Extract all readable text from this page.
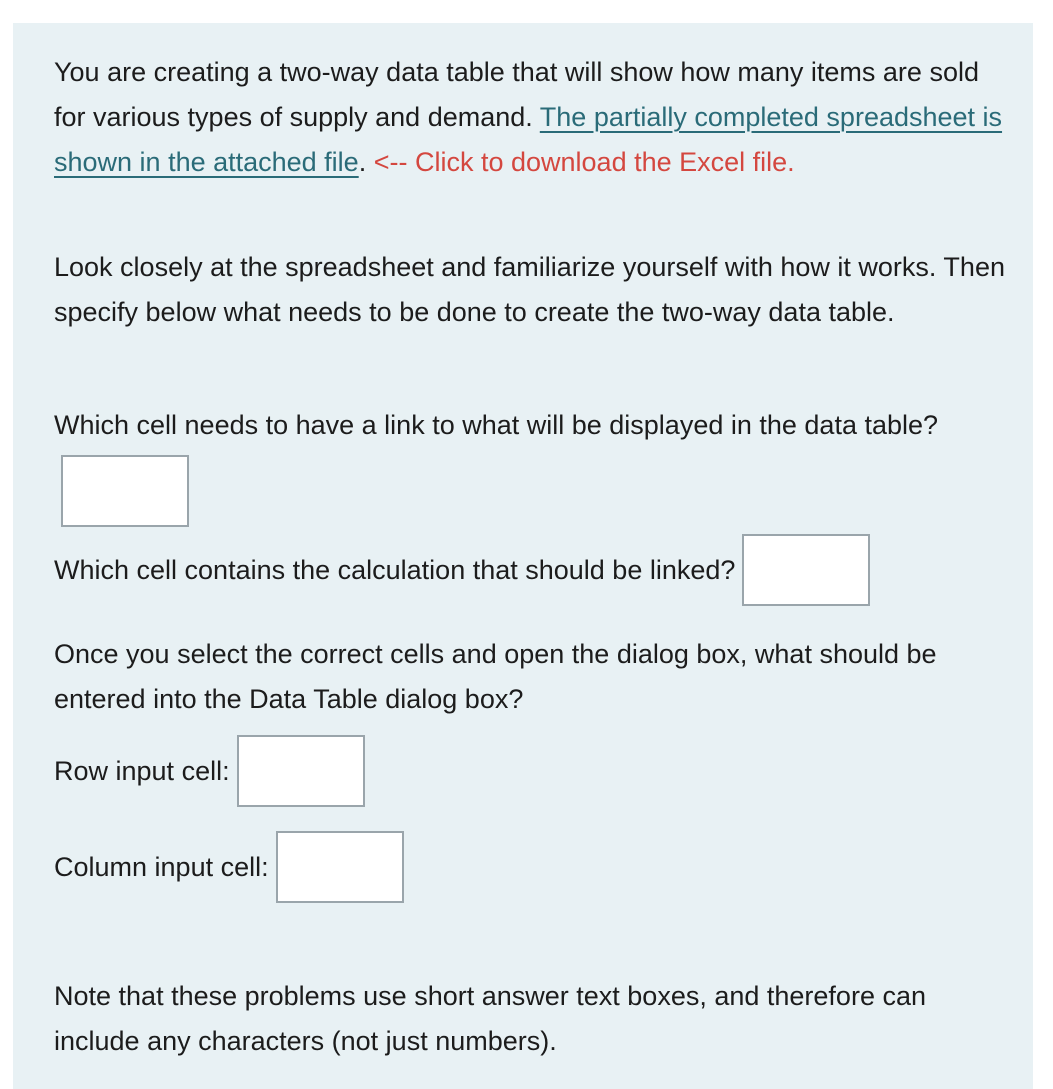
You are creating a two-way data table that will show how many items are sold for various types of supply and demand. The partially completed spreadsheet is shown in the attached file. <-- Click to download the Excel file.

Look closely at the spreadsheet and familiarize yourself with how it works. Then specify below what needs to be done to create the two-way data table.

Which cell needs to have a link to what will be displayed in the data table?

Which cell contains the calculation that should be linked?

Once you select the correct cells and open the dialog box, what should be entered into the Data Table dialog box?

Row input cell:
Column input cell:

Note that these problems use short answer text boxes, and therefore can include any characters (not just numbers).
